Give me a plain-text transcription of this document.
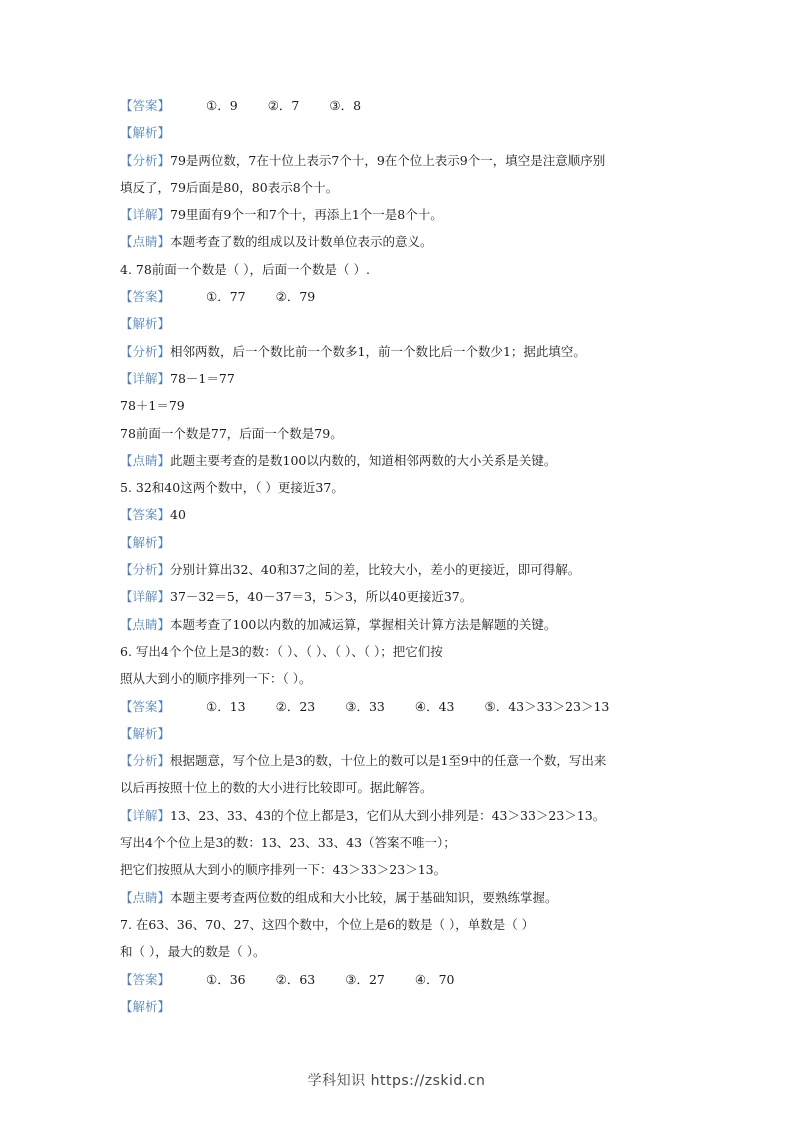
【答案】	①．9 ②．7 ③．8
【解析】
【分析】79是两位数，7在十位上表示7个十，9在个位上表示9个一，填空是注意顺序别
填反了，79后面是80，80表示8个十。
【详解】79里面有9个一和7个十，再添上1个一是8个十。
【点睛】本题考查了数的组成以及计数单位表示的意义。
4. 78前面一个数是（ ），后面一个数是（ ）.
【答案】	①．77 ②．79
【解析】
【分析】相邻两数，后一个数比前一个数多1，前一个数比后一个数少1；据此填空。
【详解】78－1＝77
78＋1＝79
78前面一个数是77，后面一个数是79。
【点睛】此题主要考查的是数100以内数的，知道相邻两数的大小关系是关键。
5. 32和40这两个数中，（ ）更接近37。
【答案】40
【解析】
【分析】分别计算出32、40和37之间的差，比较大小，差小的更接近，即可得解。
【详解】37－32＝5，40－37＝3，5＞3，所以40更接近37。
【点睛】本题考查了100以内数的加减运算，掌握相关计算方法是解题的关键。
6. 写出4个个位上是3的数：（ ）、（ ）、（ ）、（ ）；把它们按
照从大到小的顺序排列一下：（ ）。
【答案】	①．13 ②．23 ③．33 ④．43 ⑤．43＞33＞23＞13
【解析】
【分析】根据题意，写个位上是3的数，十位上的数可以是1至9中的任意一个数，写出来
以后再按照十位上的数的大小进行比较即可。据此解答。
【详解】13、23、33、43的个位上都是3，它们从大到小排列是：43＞33＞23＞13。
写出4个个位上是3的数：13、23、33、43（答案不唯一）；
把它们按照从大到小的顺序排列一下：43＞33＞23＞13。
【点睛】本题主要考查两位数的组成和大小比较，属于基础知识，要熟练掌握。
7. 在63、36、70、27、这四个数中，个位上是6的数是（ ），单数是（ ）
和（ ），最大的数是（ ）。
【答案】	①．36 ②．63 ③．27 ④．70
【解析】
学科知识 https://zskid.cn
